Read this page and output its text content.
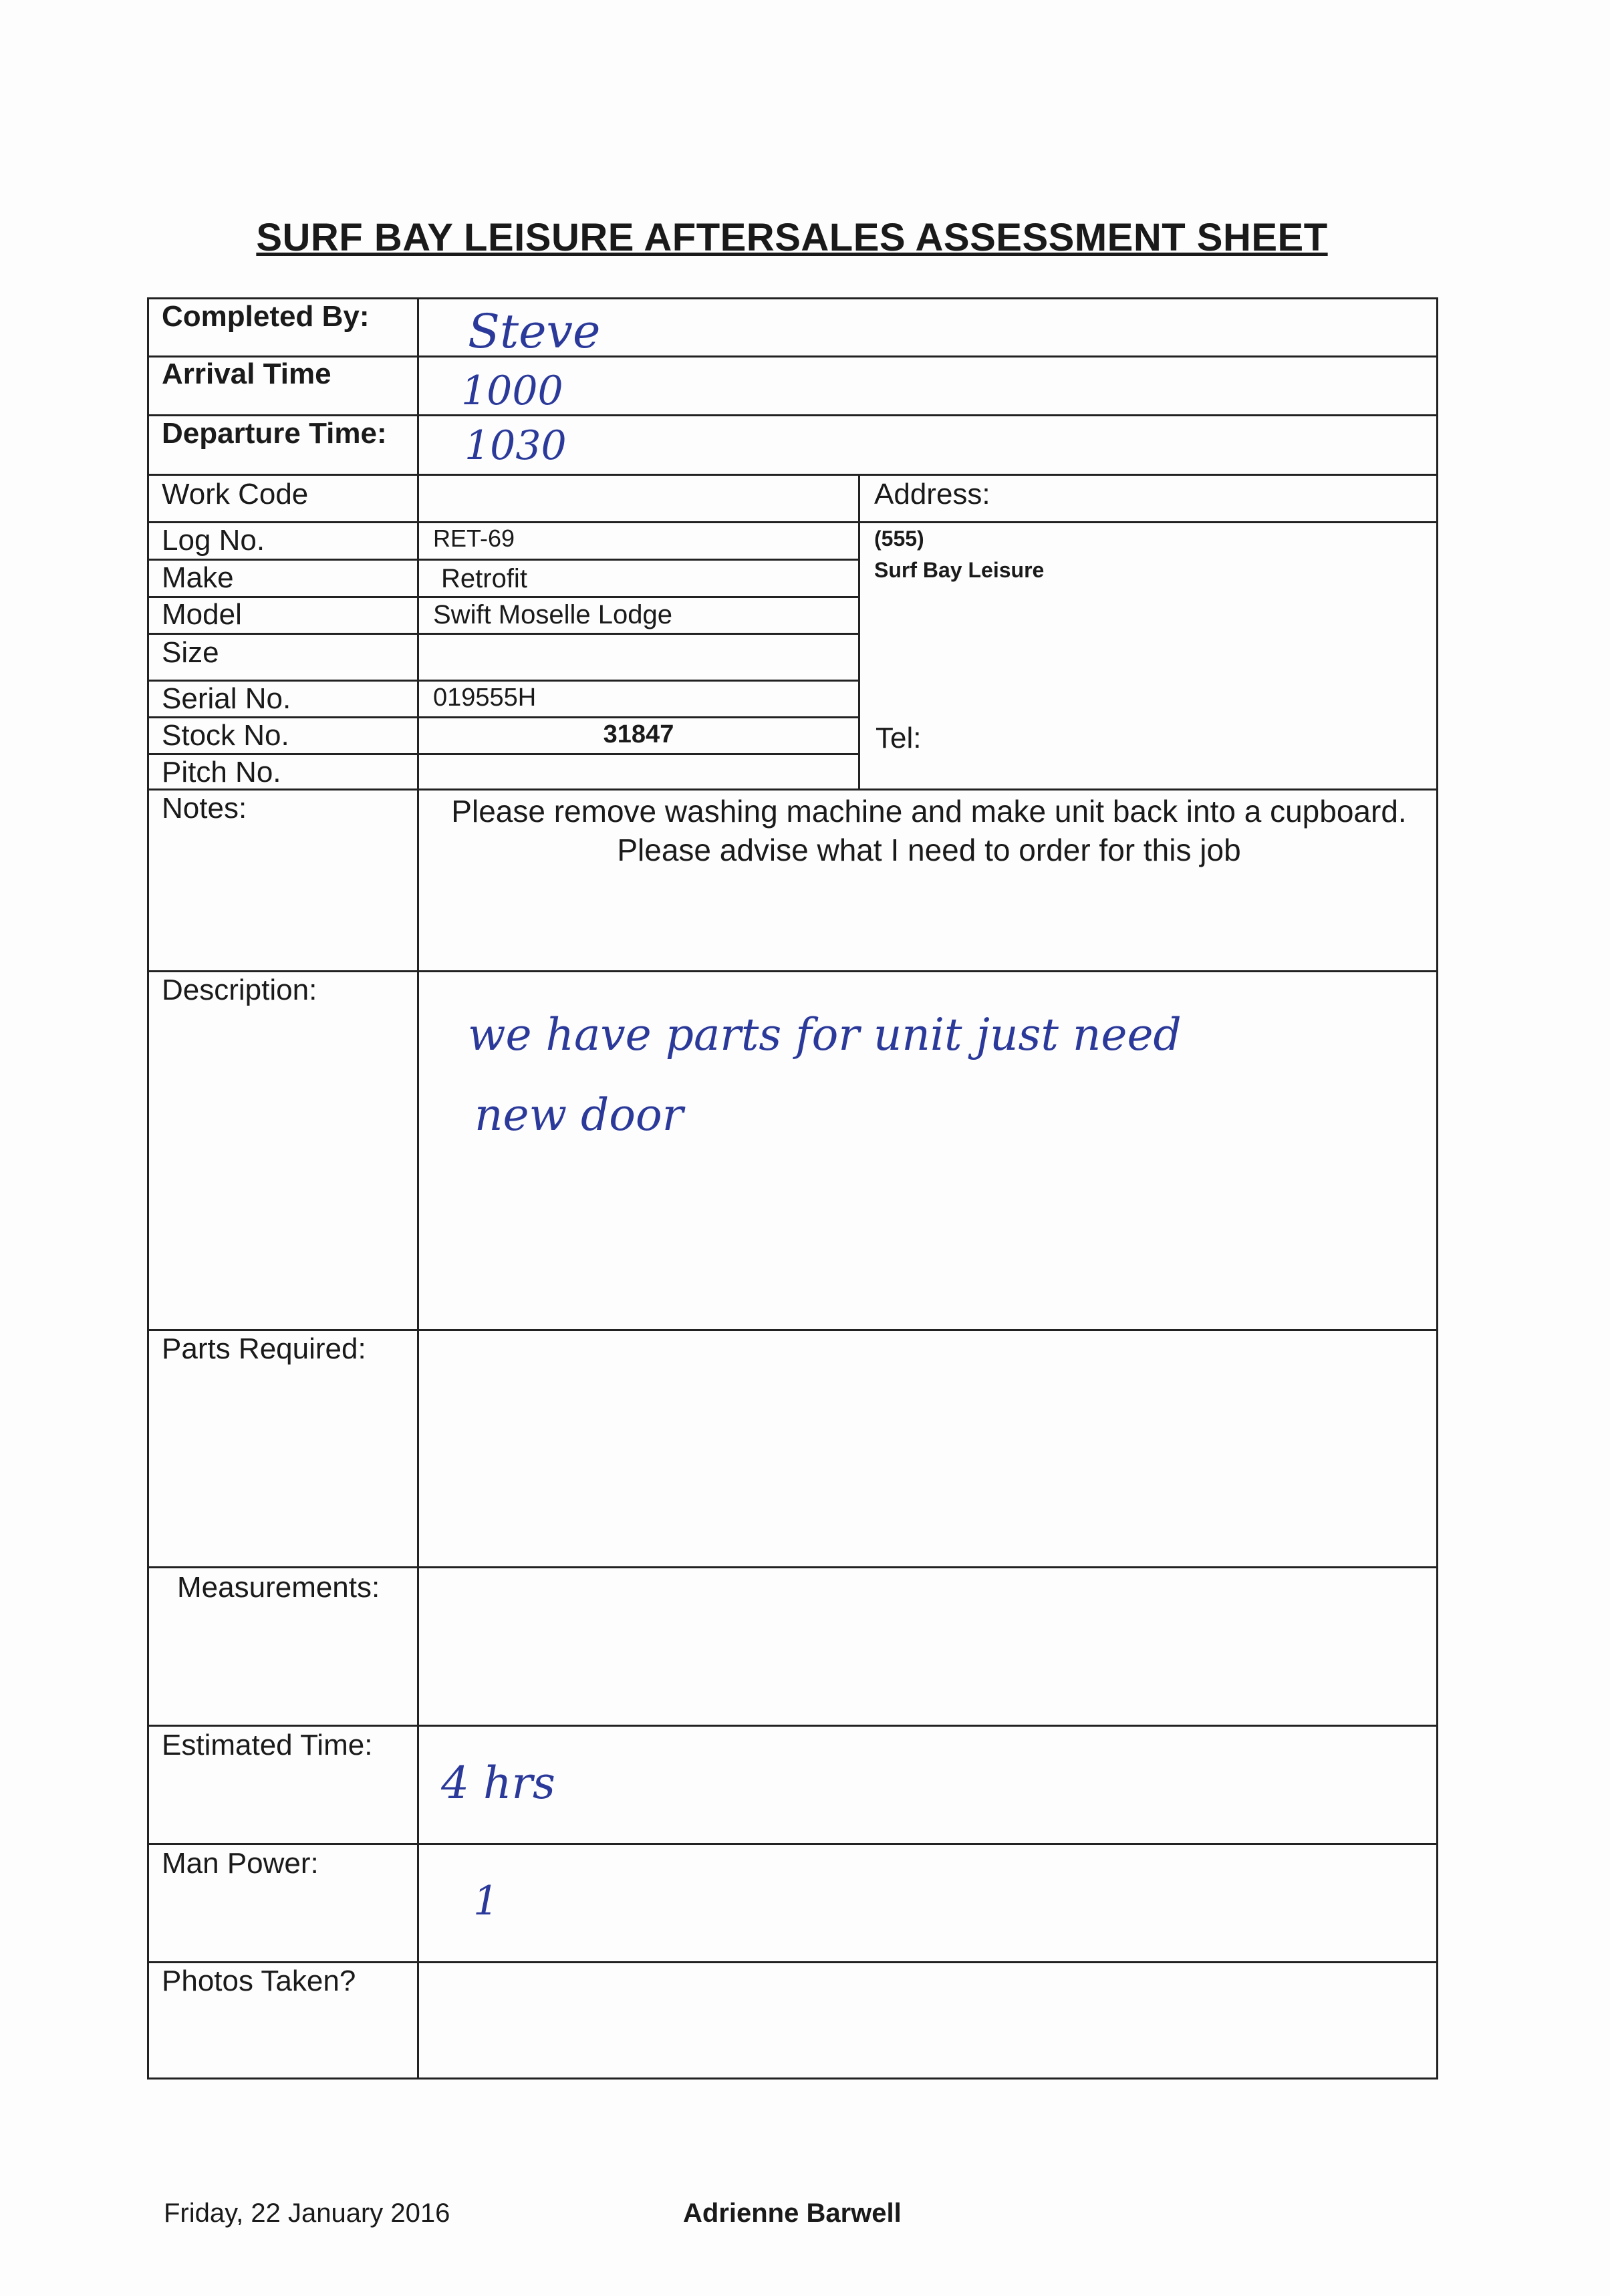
SURF BAY LEISURE AFTERSALES ASSESSMENT SHEET
Completed By: Steve
Arrival Time	1000
Departure Time: 1030
Work Code
Log No.	RET-69
Make	Retrofit
Model	Swift Moselle Lodge
Size
Serial No.	019555H
Stock No.	31847
Pitch No.
Address:
(555)
Surf Bay Leisure
Tel:
Notes:	Please remove washing machine and make unit back into a cupboard. Please advise what I need to order for this job
Description:
we have parts for unit just need
new door
Parts Required:
Measurements:
Estimated Time:
4 hrs
Man Power:
1
Photos Taken?
Friday, 22 January 2016	Adrienne Barwell
